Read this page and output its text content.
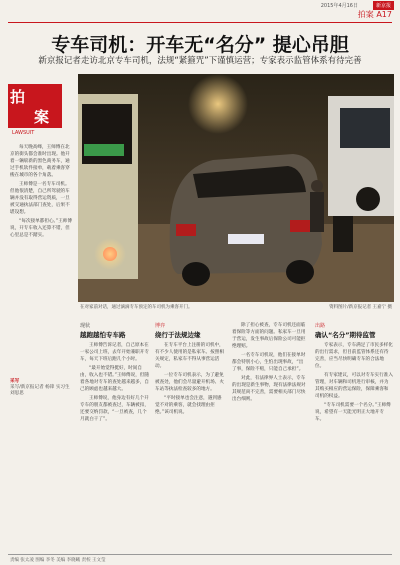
2015年4月16日	新京报
拍案 A17
专车司机：开车无“名分” 提心吊胆
新京报记者走访北京专车司机，法规“紧箍咒”下谨慎运营；专家表示监管体系有待完善
拍
案
LAWSUIT

每天晚高峰，王师傅在北京的街头都会准时出现。他开着一辆崭新的黑色商务车，通过手机软件接单，载着乘客穿梭在城市的各个角落。

王师傅是一名专车司机。但他很清楚，自己所驾驶的车辆并没有取得营运资质，一旦被交通执法部门查处，后果不堪设想。

“每次接单都担心。”王师傅说，开专车收入还算不错，但心里总是不踏实。

采写
采写/新京报记者 杨锋 实习生 刘思思
在对家前对话，通过滴滴专车预定的车司机为乘客开门。	资料图片/新京报记者 王嘉宁 摄
现状
越跑越怕专车路

王师傅告诉记者，自己原本在一家公司上班，去年开始兼职开专车，每天下班后跑几个小时。

“最开始觉得挺好，时间自由，收入也不错。”王师傅说，但随着各地对专车的查处越来越多，自己的顾虑也越来越大。

王师傅说，他身边有好几个开专车的朋友都被查过，车辆被扣，还要交纳罚款，“一旦被查，几个月就白干了”。

博弈
绕行于法规边缘

在专车平台上注册的司机中，有不少人使用的是私家车。按照相关规定，私家车不得从事营运活动。

一位专车司机表示，为了避免被查处，他们会尽量避开机场、火车站等执法检查较多的地方。

“平时接单也会注意，遇到感觉不对的乘客，就会找理由拒绝。”该司机说。

除了担心被查，专车司机还面临着保险等方面的问题。私家车一旦用于营运，发生事故后保险公司可能拒绝理赔。

一名专车司机说，他们在接单时都会特别小心，生怕出现事故，“出了事，保险不赔，只能自己承担”。

对此，有法律界人士表示，专车的出现是新生事物，现有法律法规对其规范尚不完善，需要相关部门尽快出台细则。

出路
确认“名分”期待监管

专家表示，专车满足了市民多样化的出行需求，但目前监管体系还有待完善，应当尽快明确专车的合法地位。

有专家建议，可以对专车实行准入管理，对车辆和司机进行审核，并为其购买相应的营运保险，保障乘客和司机的权益。

“专车司机需要一个名分。”王师傅说，希望有一天能光明正大地开专车。

责编 张太凌 图编 李冬 美编 李晓曦 责校 王文莹
